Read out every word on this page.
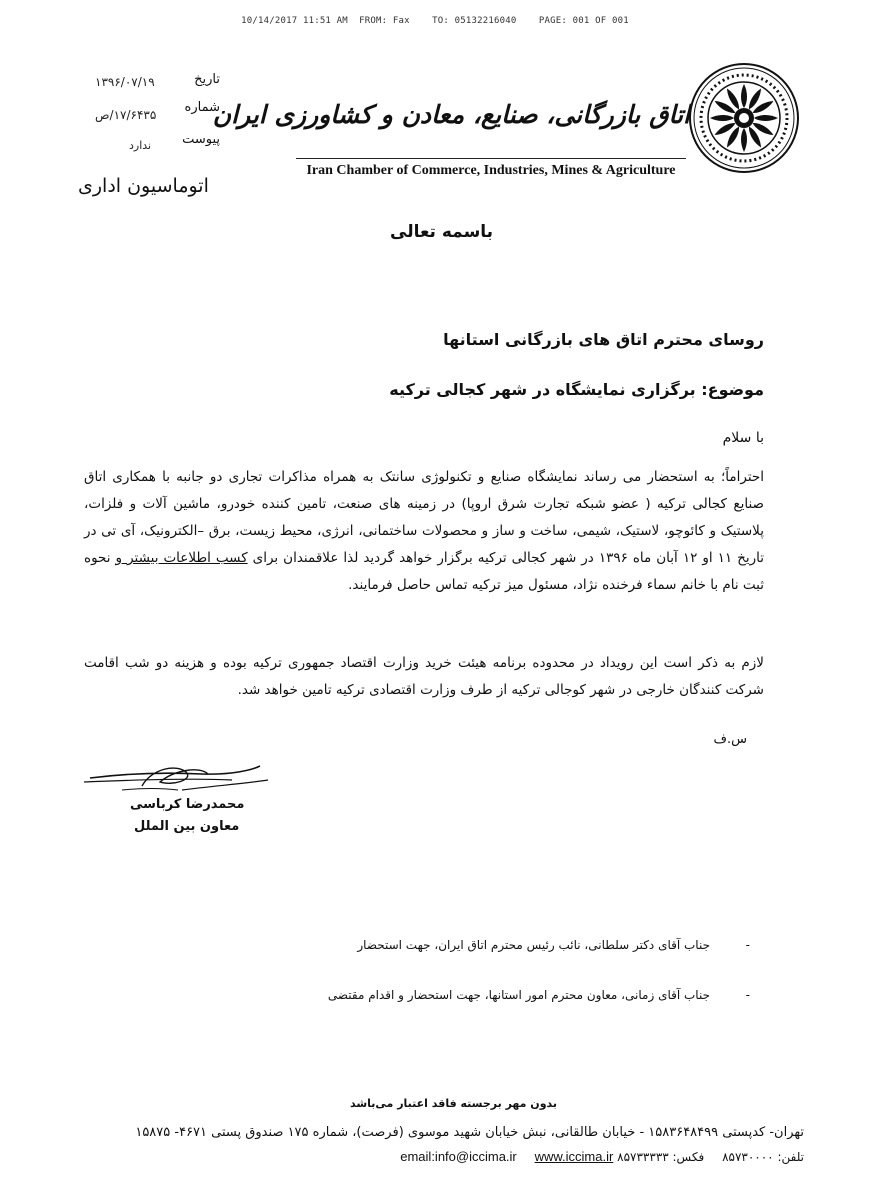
10/14/2017 11:51 AM  FROM: Fax    TO: 05132216040    PAGE: 001 OF 001
تاریخ
۱۳۹۶/۰۷/۱۹
شماره
۱۷/۶۴۳۵/ص
پیوست
ندارد
اتوماسیون اداری
اتاق بازرگانی، صنایع، معادن و کشاورزی ایران
Iran Chamber of Commerce, Industries, Mines & Agriculture
باسمه تعالی
روسای محترم اتاق های بازرگانی استانها
موضوع: برگزاری نمایشگاه در شهر کجالی ترکیه
با سلام
احتراماً؛ به استحضار می رساند نمایشگاه صنایع و تکنولوژی سانتک به همراه مذاکرات تجاری دو جانبه با همکاری اتاق صنایع کجالی ترکیه ( عضو شبکه تجارت شرق اروپا) در زمینه های صنعت، تامین کننده خودرو، ماشین آلات و فلزات، پلاستیک و کائوچو، لاستیک، شیمی، ساخت و ساز و محصولات ساختمانی، انرژی، محیط زیست، برق –الکترونیک، آی تی در تاریخ ۱۱ او ۱۲ آبان ماه ۱۳۹۶ در شهر کجالی ترکیه برگزار خواهد گردید لذا علاقمندان برای کسب اطلاعات بیشتر و نحوه ثبت نام با خانم سماء فرخنده نژاد، مسئول میز ترکیه تماس حاصل فرمایند.
لازم به ذکر است این رویداد در محدوده برنامه هیئت خرید وزارت اقتصاد جمهوری ترکیه بوده و هزینه دو شب اقامت شرکت کنندگان خارجی در شهر کوجالی ترکیه از طرف وزارت اقتصادی ترکیه تامین خواهد شد.
س.ف
محمدرضا کرباسی
معاون بین الملل
-
جناب آقای دکتر سلطانی، نائب رئیس محترم اتاق ایران، جهت استحضار
-
جناب آقای زمانی، معاون محترم امور استانها، جهت استحضار و اقدام مقتضی
بدون مهر برجسته فاقد اعتبار می‌باشد
تهران- کدپستی ۱۵۸۳۶۴۸۴۹۹ - خیابان طالقانی، نبش خیابان شهید موسوی (فرصت)، شماره ۱۷۵ صندوق پستی ۴۶۷۱- ۱۵۸۷۵
تلفن: ۸۵۷۳۰۰۰۰ فکس: ۸۵۷۳۳۳۳۳ email:info@iccima.ir www.iccima.ir
